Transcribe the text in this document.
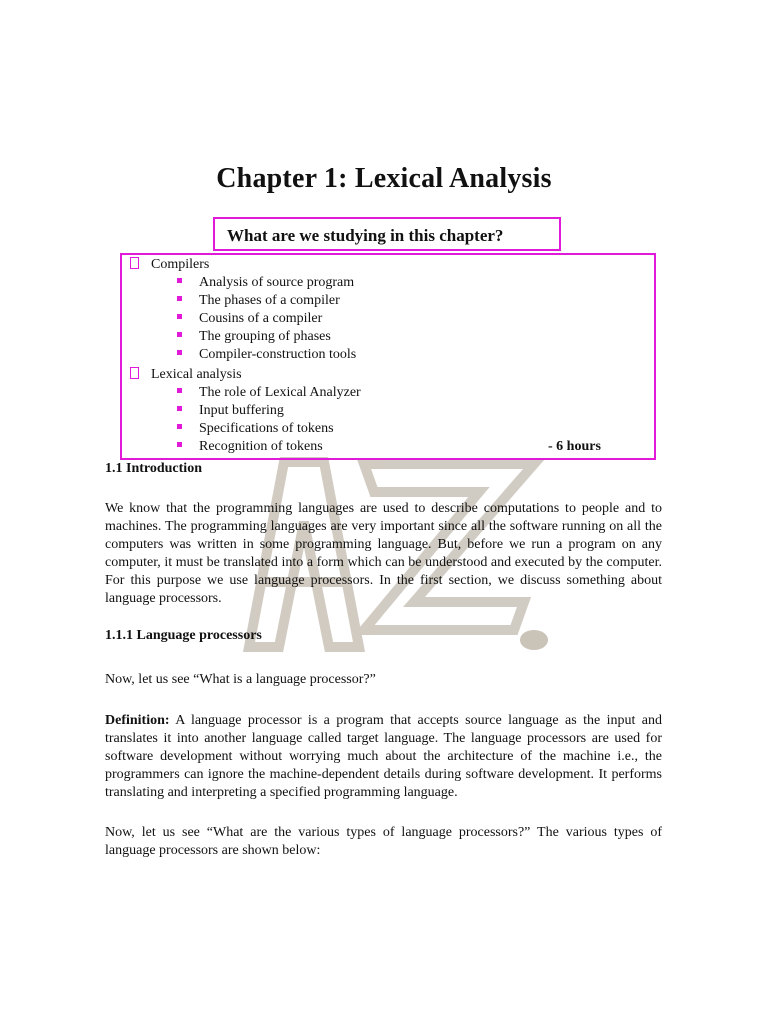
Chapter 1: Lexical Analysis
What are we studying in this chapter?
Compilers
Analysis of source program
The phases of a compiler
Cousins of a compiler
The grouping of phases
Compiler-construction tools
Lexical analysis
The role of Lexical Analyzer
Input buffering
Specifications of tokens
Recognition of tokens	- 6 hours
1.1 Introduction
We know that the programming languages are used to describe computations to people and to machines. The programming languages are very important since all the software running on all the computers was written in some programming language. But, before we run a program on any computer, it must be translated into a form which can be understood and executed by the computer. For this purpose we use language processors. In the first section, we discuss something about language processors.
1.1.1 Language processors
Now, let us see “What is a language processor?”
Definition: A language processor is a program that accepts source language as the input and translates it into another language called target language. The language processors are used for software development without worrying much about the architecture of the machine i.e., the programmers can ignore the machine-dependent details during software development. It performs translating and interpreting a specified programming language.
Now, let us see “What are the various types of language processors?” The various types of language processors are shown below:
